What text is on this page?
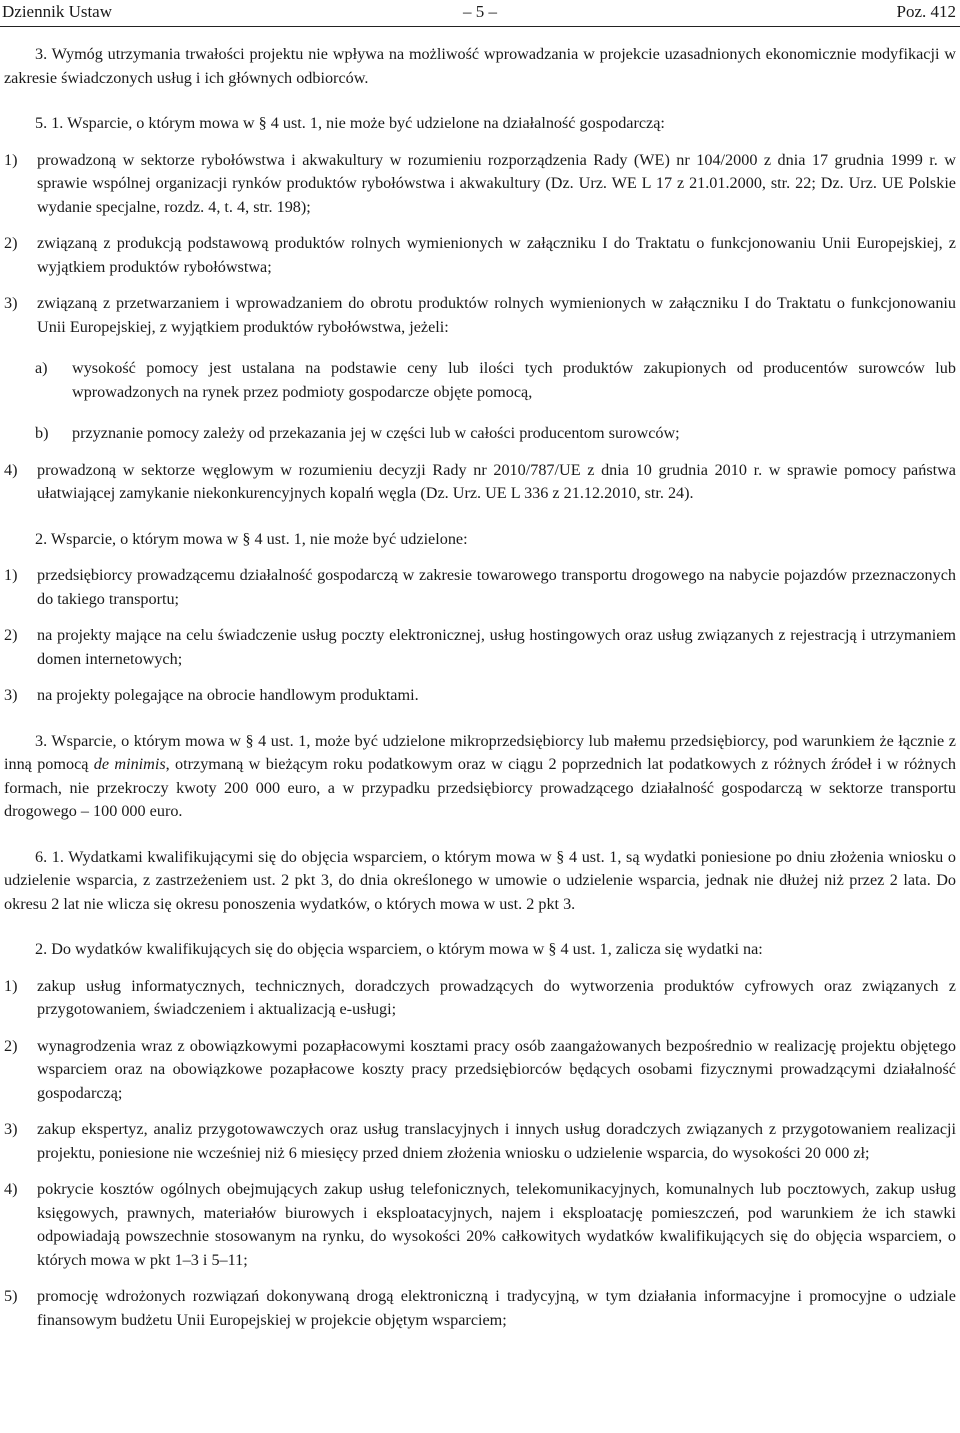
Dziennik Ustaw	– 5 –	Poz. 412

3. Wymóg utrzymania trwałości projektu nie wpływa na możliwość wprowadzania w projekcie uzasadnionych ekonomicznie modyfikacji w zakresie świadczonych usług i ich głównych odbiorców.

5. 1. Wsparcie, o którym mowa w § 4 ust. 1, nie może być udzielone na działalność gospodarczą:

1) prowadzoną w sektorze rybołówstwa i akwakultury w rozumieniu rozporządzenia Rady (WE) nr 104/2000 z dnia 17 grudnia 1999 r. w sprawie wspólnej organizacji rynków produktów rybołówstwa i akwakultury (Dz. Urz. WE L 17 z 21.01.2000, str. 22; Dz. Urz. UE Polskie wydanie specjalne, rozdz. 4, t. 4, str. 198);
2) związaną z produkcją podstawową produktów rolnych wymienionych w załączniku I do Traktatu o funkcjonowaniu Unii Europejskiej, z wyjątkiem produktów rybołówstwa;
3) związaną z przetwarzaniem i wprowadzaniem do obrotu produktów rolnych wymienionych w załączniku I do Traktatu o funkcjonowaniu Unii Europejskiej, z wyjątkiem produktów rybołówstwa, jeżeli:
a) wysokość pomocy jest ustalana na podstawie ceny lub ilości tych produktów zakupionych od producentów surowców lub wprowadzonych na rynek przez podmioty gospodarcze objęte pomocą,
b) przyznanie pomocy zależy od przekazania jej w części lub w całości producentom surowców;
4) prowadzoną w sektorze węglowym w rozumieniu decyzji Rady nr 2010/787/UE z dnia 10 grudnia 2010 r. w sprawie pomocy państwa ułatwiającej zamykanie niekonkurencyjnych kopalń węgla (Dz. Urz. UE L 336 z 21.12.2010, str. 24).

2. Wsparcie, o którym mowa w § 4 ust. 1, nie może być udzielone:

1) przedsiębiorcy prowadzącemu działalność gospodarczą w zakresie towarowego transportu drogowego na nabycie pojazdów przeznaczonych do takiego transportu;
2) na projekty mające na celu świadczenie usług poczty elektronicznej, usług hostingowych oraz usług związanych z rejestracją i utrzymaniem domen internetowych;
3) na projekty polegające na obrocie handlowym produktami.

3. Wsparcie, o którym mowa w § 4 ust. 1, może być udzielone mikroprzedsiębiorcy lub małemu przedsiębiorcy, pod warunkiem że łącznie z inną pomocą de minimis, otrzymaną w bieżącym roku podatkowym oraz w ciągu 2 poprzednich lat podatkowych z różnych źródeł i w różnych formach, nie przekroczy kwoty 200 000 euro, a w przypadku przedsiębiorcy prowadzącego działalność gospodarczą w sektorze transportu drogowego – 100 000 euro.

6. 1. Wydatkami kwalifikującymi się do objęcia wsparciem, o którym mowa w § 4 ust. 1, są wydatki poniesione po dniu złożenia wniosku o udzielenie wsparcia, z zastrzeżeniem ust. 2 pkt 3, do dnia określonego w umowie o udzielenie wsparcia, jednak nie dłużej niż przez 2 lata. Do okresu 2 lat nie wlicza się okresu ponoszenia wydatków, o których mowa w ust. 2 pkt 3.

2. Do wydatków kwalifikujących się do objęcia wsparciem, o którym mowa w § 4 ust. 1, zalicza się wydatki na:

1) zakup usług informatycznych, technicznych, doradczych prowadzących do wytworzenia produktów cyfrowych oraz związanych z przygotowaniem, świadczeniem i aktualizacją e-usługi;
2) wynagrodzenia wraz z obowiązkowymi pozapłacowymi kosztami pracy osób zaangażowanych bezpośrednio w realizację projektu objętego wsparciem oraz na obowiązkowe pozapłacowe koszty pracy przedsiębiorców będących osobami fizycznymi prowadzącymi działalność gospodarczą;
3) zakup ekspertyz, analiz przygotowawczych oraz usług translacyjnych i innych usług doradczych związanych z przygotowaniem realizacji projektu, poniesione nie wcześniej niż 6 miesięcy przed dniem złożenia wniosku o udzielenie wsparcia, do wysokości 20 000 zł;
4) pokrycie kosztów ogólnych obejmujących zakup usług telefonicznych, telekomunikacyjnych, komunalnych lub pocztowych, zakup usług księgowych, prawnych, materiałów biurowych i eksploatacyjnych, najem i eksploatację pomieszczeń, pod warunkiem że ich stawki odpowiadają powszechnie stosowanym na rynku, do wysokości 20% całkowitych wydatków kwalifikujących się do objęcia wsparciem, o których mowa w pkt 1–3 i 5–11;
5) promocję wdrożonych rozwiązań dokonywaną drogą elektroniczną i tradycyjną, w tym działania informacyjne i promocyjne o udziale finansowym budżetu Unii Europejskiej w projekcie objętym wsparciem;
